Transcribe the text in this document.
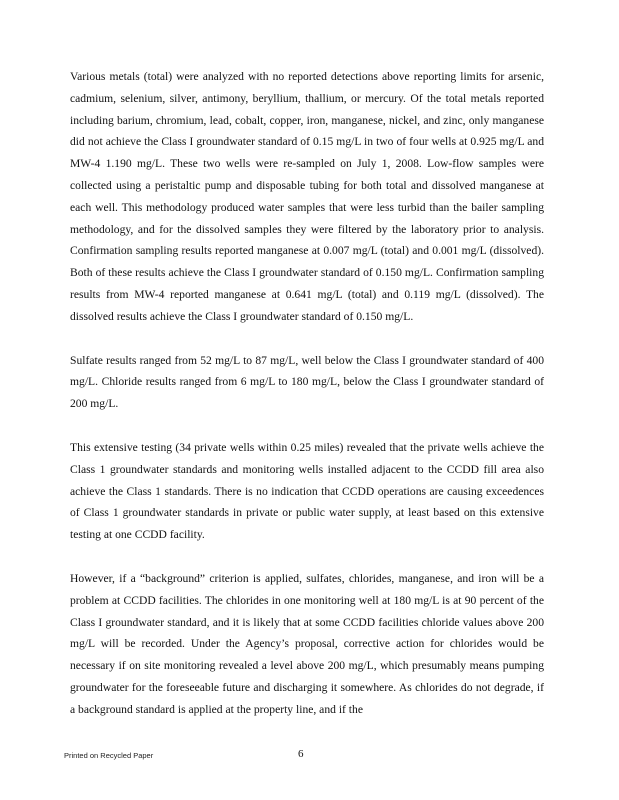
Various metals (total) were analyzed with no reported detections above reporting limits for arsenic, cadmium, selenium, silver, antimony, beryllium, thallium, or mercury. Of the total metals reported including barium, chromium, lead, cobalt, copper, iron, manganese, nickel, and zinc, only manganese did not achieve the Class I groundwater standard of 0.15 mg/L in two of four wells at 0.925 mg/L and MW-4 1.190 mg/L. These two wells were re-sampled on July 1, 2008. Low-flow samples were collected using a peristaltic pump and disposable tubing for both total and dissolved manganese at each well. This methodology produced water samples that were less turbid than the bailer sampling methodology, and for the dissolved samples they were filtered by the laboratory prior to analysis. Confirmation sampling results reported manganese at 0.007 mg/L (total) and 0.001 mg/L (dissolved). Both of these results achieve the Class I groundwater standard of 0.150 mg/L. Confirmation sampling results from MW-4 reported manganese at 0.641 mg/L (total) and 0.119 mg/L (dissolved). The dissolved results achieve the Class I groundwater standard of 0.150 mg/L.

Sulfate results ranged from 52 mg/L to 87 mg/L, well below the Class I groundwater standard of 400 mg/L. Chloride results ranged from 6 mg/L to 180 mg/L, below the Class I groundwater standard of 200 mg/L.

This extensive testing (34 private wells within 0.25 miles) revealed that the private wells achieve the Class 1 groundwater standards and monitoring wells installed adjacent to the CCDD fill area also achieve the Class 1 standards. There is no indication that CCDD operations are causing exceedences of Class 1 groundwater standards in private or public water supply, at least based on this extensive testing at one CCDD facility.

However, if a “background” criterion is applied, sulfates, chlorides, manganese, and iron will be a problem at CCDD facilities. The chlorides in one monitoring well at 180 mg/L is at 90 percent of the Class I groundwater standard, and it is likely that at some CCDD facilities chloride values above 200 mg/L will be recorded. Under the Agency’s proposal, corrective action for chlorides would be necessary if on site monitoring revealed a level above 200 mg/L, which presumably means pumping groundwater for the foreseeable future and discharging it somewhere. As chlorides do not degrade, if a background standard is applied at the property line, and if the

Printed on Recycled Paper	6
